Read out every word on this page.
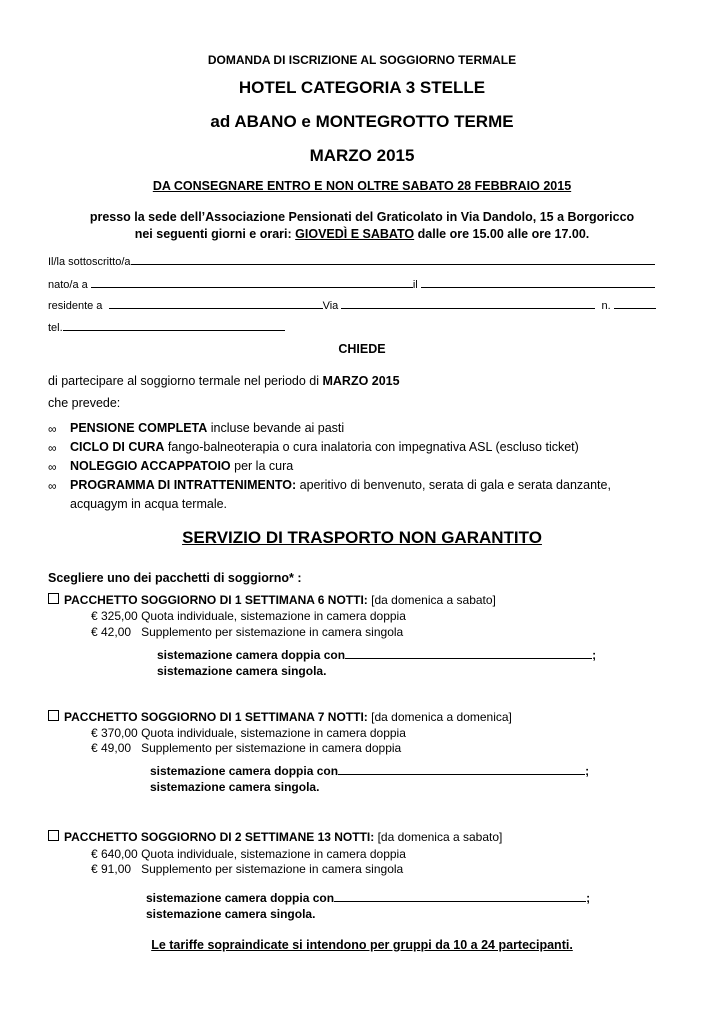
DOMANDA DI ISCRIZIONE AL SOGGIORNO TERMALE
HOTEL CATEGORIA 3 STELLE
ad ABANO e MONTEGROTTO TERME
MARZO 2015
DA CONSEGNARE ENTRO E NON OLTRE SABATO 28 FEBBRAIO 2015
presso la sede dell’Associazione Pensionati del Graticolato in Via Dandolo, 15 a Borgoricco
nei seguenti giorni e orari: GIOVEDÌ E SABATO dalle ore 15.00 alle ore 17.00.
Il/la sottoscritto/a
nato/a a	il
residente a	Via	n.
tel.
CHIEDE
di partecipare al soggiorno termale nel periodo di MARZO 2015
che prevede:
∞ PENSIONE COMPLETA incluse bevande ai pasti
∞ CICLO DI CURA fango-balneoterapia o cura inalatoria con impegnativa ASL (escluso ticket)
∞ NOLEGGIO ACCAPPATOIO per la cura
∞ PROGRAMMA DI INTRATTENIMENTO: aperitivo di benvenuto, serata di gala e serata danzante,
acquagym in acqua termale.
SERVIZIO DI TRASPORTO NON GARANTITO
Scegliere uno dei pacchetti di soggiorno* :
PACCHETTO SOGGIORNO DI 1 SETTIMANA 6 NOTTI: [da domenica a sabato]
€ 325,00 Quota individuale, sistemazione in camera doppia
€ 42,00 Supplemento per sistemazione in camera singola
sistemazione camera doppia con	;
sistemazione camera singola.
PACCHETTO SOGGIORNO DI 1 SETTIMANA 7 NOTTI: [da domenica a domenica]
€ 370,00 Quota individuale, sistemazione in camera doppia
€ 49,00 Supplemento per sistemazione in camera doppia
sistemazione camera doppia con	;
sistemazione camera singola.
PACCHETTO SOGGIORNO DI 2 SETTIMANE 13 NOTTI: [da domenica a sabato]
€ 640,00 Quota individuale, sistemazione in camera doppia
€ 91,00 Supplemento per sistemazione in camera singola
sistemazione camera doppia con	;
sistemazione camera singola.
Le tariffe sopraindicate si intendono per gruppi da 10 a 24 partecipanti.
